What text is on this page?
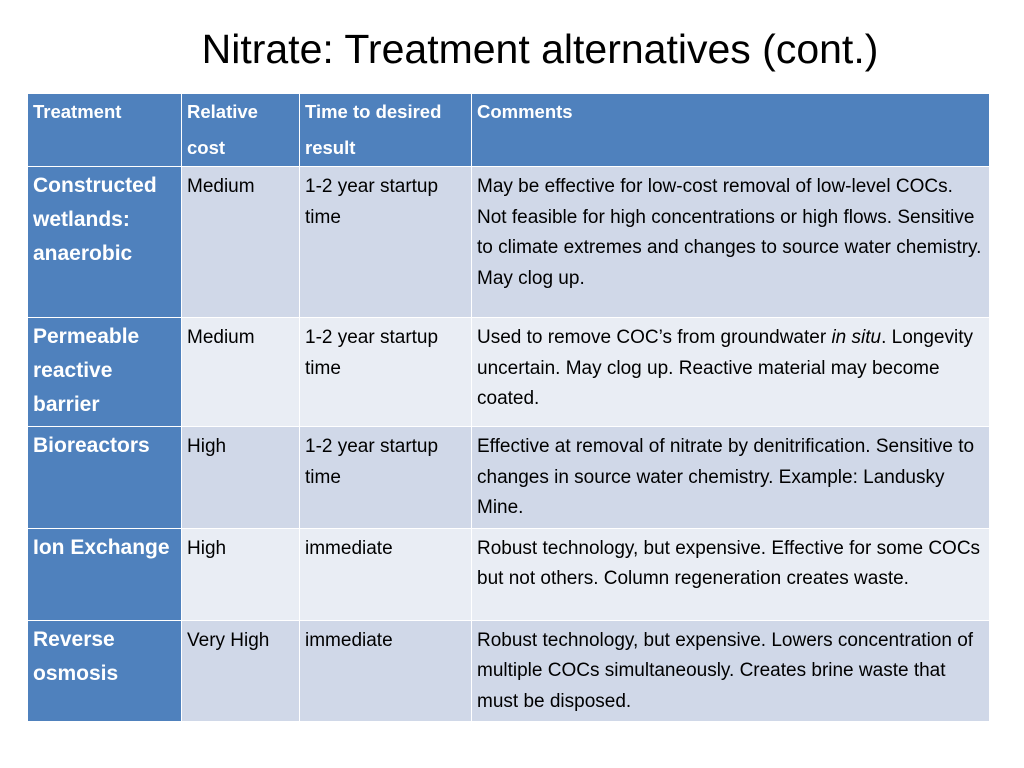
Nitrate: Treatment alternatives (cont.)
Treatment	Relative cost	Time to desired result	Comments
Constructed wetlands: anaerobic	Medium	1-2 year startup time	May be effective for low-cost removal of low-level COCs. Not feasible for high concentrations or high flows. Sensitive to climate extremes and changes to source water chemistry. May clog up.
Permeable reactive barrier	Medium	1-2 year startup time	Used to remove COC’s from groundwater in situ. Longevity uncertain. May clog up. Reactive material may become coated.
Bioreactors	High	1-2 year startup time	Effective at removal of nitrate by denitrification. Sensitive to changes in source water chemistry. Example: Landusky Mine.
Ion Exchange	High	immediate	Robust technology, but expensive. Effective for some COCs but not others. Column regeneration creates waste.
Reverse osmosis	Very High	immediate	Robust technology, but expensive. Lowers concentration of multiple COCs simultaneously. Creates brine waste that must be disposed.
